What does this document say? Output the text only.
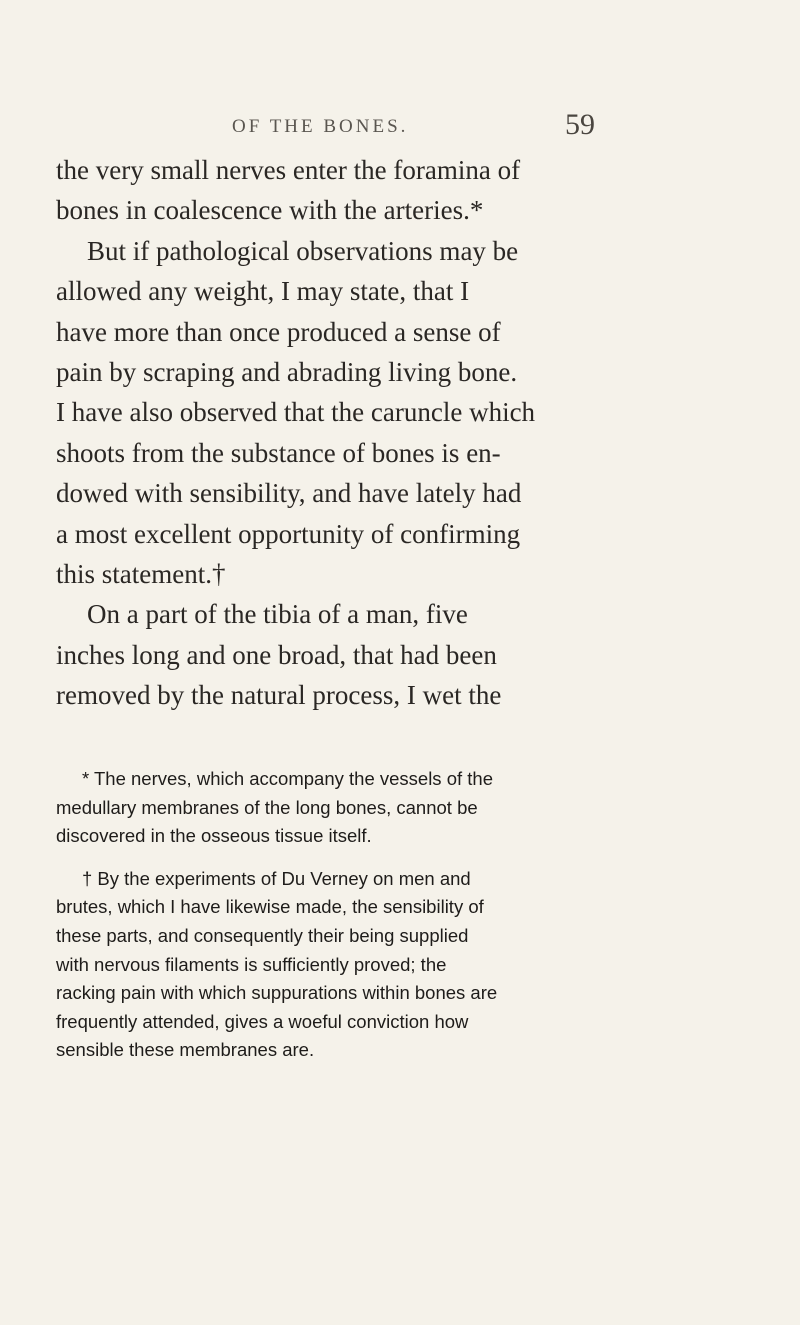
OF THE BONES.	59
the very small nerves enter the foramina of
bones in coalescence with the arteries.*
But if pathological observations may be
allowed any weight, I may state, that I
have more than once produced a sense of
pain by scraping and abrading living bone.
I have also observed that the caruncle which
shoots from the substance of bones is en-
dowed with sensibility, and have lately had
a most excellent opportunity of confirming
this statement.†
On a part of the tibia of a man, five
inches long and one broad, that had been
removed by the natural process, I wet the
* The nerves, which accompany the vessels of the
medullary membranes of the long bones, cannot be
discovered in the osseous tissue itself.
† By the experiments of Du Verney on men and
brutes, which I have likewise made, the sensibility of
these parts, and consequently their being supplied
with nervous filaments is sufficiently proved; the
racking pain with which suppurations within bones are
frequently attended, gives a woeful conviction how
sensible these membranes are.
